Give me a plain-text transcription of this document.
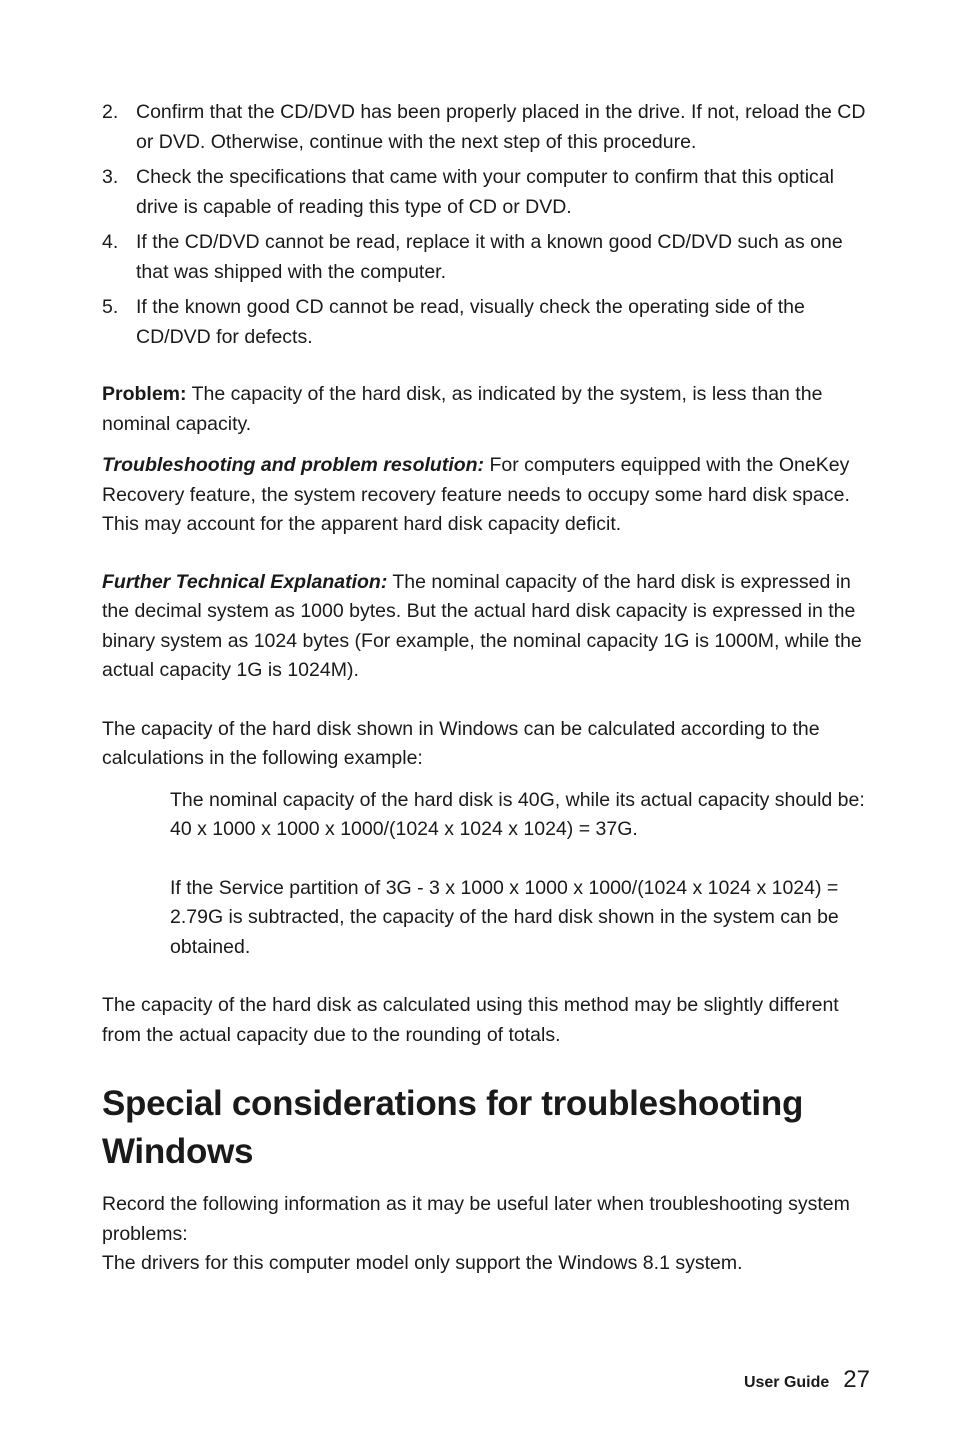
2. Confirm that the CD/DVD has been properly placed in the drive. If not, reload the CD or DVD. Otherwise, continue with the next step of this procedure.
3. Check the specifications that came with your computer to confirm that this optical drive is capable of reading this type of CD or DVD.
4. If the CD/DVD cannot be read, replace it with a known good CD/DVD such as one that was shipped with the computer.
5. If the known good CD cannot be read, visually check the operating side of the CD/DVD for defects.

Problem: The capacity of the hard disk, as indicated by the system, is less than the nominal capacity.

Troubleshooting and problem resolution: For computers equipped with the OneKey Recovery feature, the system recovery feature needs to occupy some hard disk space. This may account for the apparent hard disk capacity deficit.

Further Technical Explanation: The nominal capacity of the hard disk is expressed in the decimal system as 1000 bytes. But the actual hard disk capacity is expressed in the binary system as 1024 bytes (For example, the nominal capacity 1G is 1000M, while the actual capacity 1G is 1024M).

The capacity of the hard disk shown in Windows can be calculated according to the calculations in the following example:

The nominal capacity of the hard disk is 40G, while its actual capacity should be: 40 x 1000 x 1000 x 1000/(1024 x 1024 x 1024) = 37G.

If the Service partition of 3G - 3 x 1000 x 1000 x 1000/(1024 x 1024 x 1024) = 2.79G is subtracted, the capacity of the hard disk shown in the system can be obtained.

The capacity of the hard disk as calculated using this method may be slightly different from the actual capacity due to the rounding of totals.

Special considerations for troubleshooting Windows

Record the following information as it may be useful later when troubleshooting system problems:

The drivers for this computer model only support the Windows 8.1 system.

User Guide 27
